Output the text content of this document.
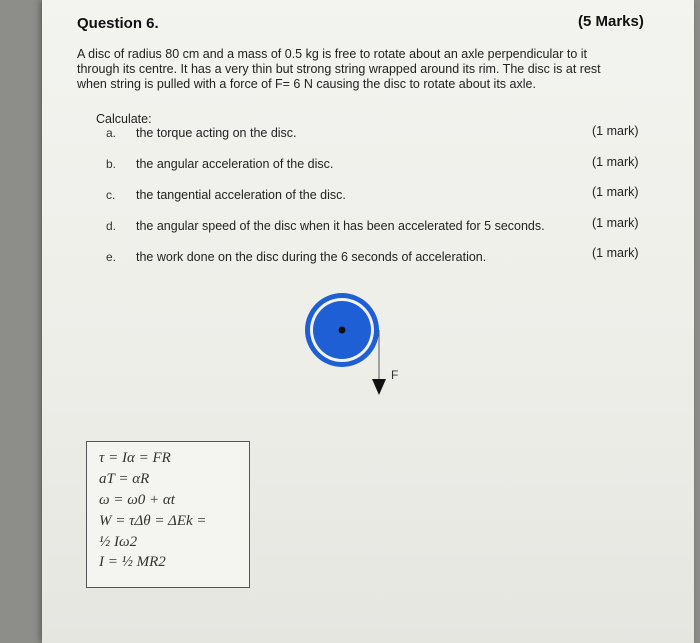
Question 6.	(5 Marks)
A disc of radius 80 cm and a mass of 0.5 kg is free to rotate about an axle perpendicular to it
through its centre. It has a very thin but strong string wrapped around its rim. The disc is at rest
when string is pulled with a force of F= 6 N causing the disc to rotate about its axle.
Calculate:
a. the torque acting on the disc.	(1 mark)
b. the angular acceleration of the disc.	(1 mark)
c. the tangential acceleration of the disc.	(1 mark)
d. the angular speed of the disc when it has been accelerated for 5 seconds.	(1 mark)
e. the work done on the disc during the 6 seconds of acceleration.	(1 mark)
F
τ = Iα = FR
aT = αR
ω = ω0 + αt
W = τΔθ = ΔEk =
½ Iω2
I = ½ MR2
